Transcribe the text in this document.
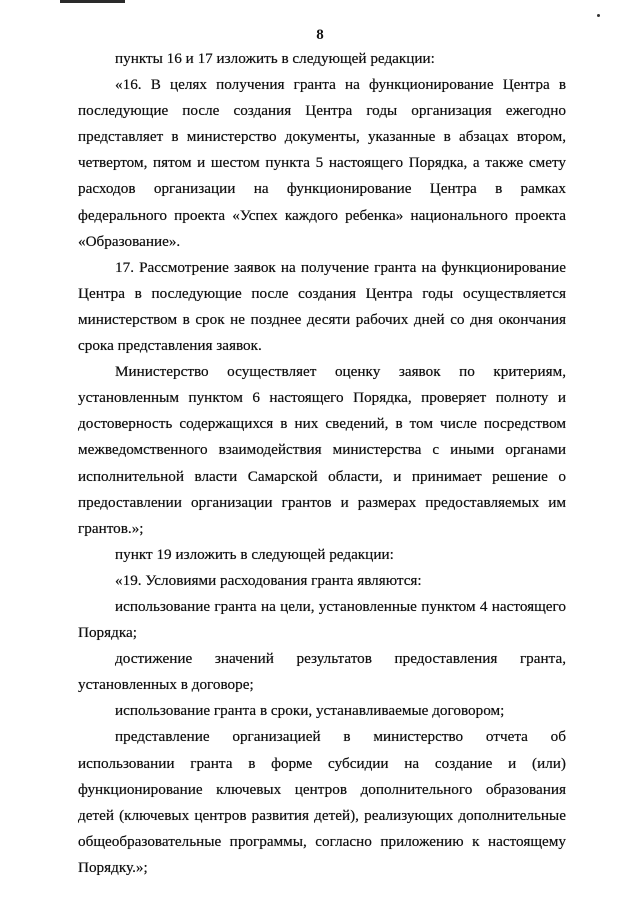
8

пункты 16 и 17 изложить в следующей редакции:

«16. В целях получения гранта на функционирование Центра в последующие после создания Центра годы организация ежегодно представляет в министерство документы, указанные в абзацах втором, четвертом, пятом и шестом пункта 5 настоящего Порядка, а также смету расходов организации на функционирование Центра в рамках федерального проекта «Успех каждого ребенка» национального проекта «Образование».

17. Рассмотрение заявок на получение гранта на функционирование Центра в последующие после создания Центра годы осуществляется министерством в срок не позднее десяти рабочих дней со дня окончания срока представления заявок.

Министерство осуществляет оценку заявок по критериям, установленным пунктом 6 настоящего Порядка, проверяет полноту и достоверность содержащихся в них сведений, в том числе посредством межведомственного взаимодействия министерства с иными органами исполнительной власти Самарской области, и принимает решение о предоставлении организации грантов и размерах предоставляемых им грантов.»;

пункт 19 изложить в следующей редакции:

«19. Условиями расходования гранта являются:

использование гранта на цели, установленные пунктом 4 настоящего Порядка;

достижение значений результатов предоставления гранта, установленных в договоре;

использование гранта в сроки, устанавливаемые договором;

представление организацией в министерство отчета об использовании гранта в форме субсидии на создание и (или) функционирование ключевых центров дополнительного образования детей (ключевых центров развития детей), реализующих дополнительные общеобразовательные программы, согласно приложению к настоящему Порядку.»;
